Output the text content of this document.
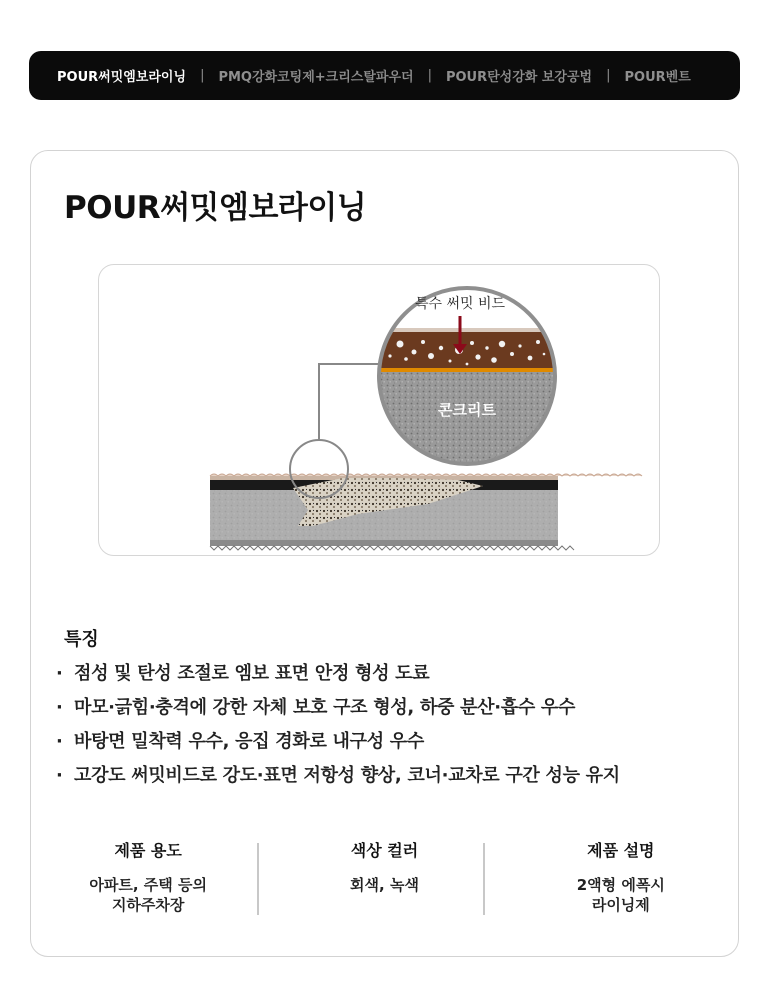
POUR써밋엠보라이닝 | PMQ강화코팅제+크리스탈파우더 | POUR탄성강화 보강공법 | POUR벤트
POUR써밋엠보라이닝
특수 써밋 비드
콘크리트
특징
· 점성 및 탄성 조절로 엠보 표면 안정 형성 도료
· 마모·긁힘·충격에 강한 자체 보호 구조 형성, 하중 분산·흡수 우수
· 바탕면 밀착력 우수, 응집 경화로 내구성 우수
· 고강도 써밋비드로 강도·표면 저항성 향상, 코너·교차로 구간 성능 유지
제품 용도

아파트, 주택 등의
지하주차장

색상 컬러

회색, 녹색

제품 설명

2액형 에폭시
라이닝제
